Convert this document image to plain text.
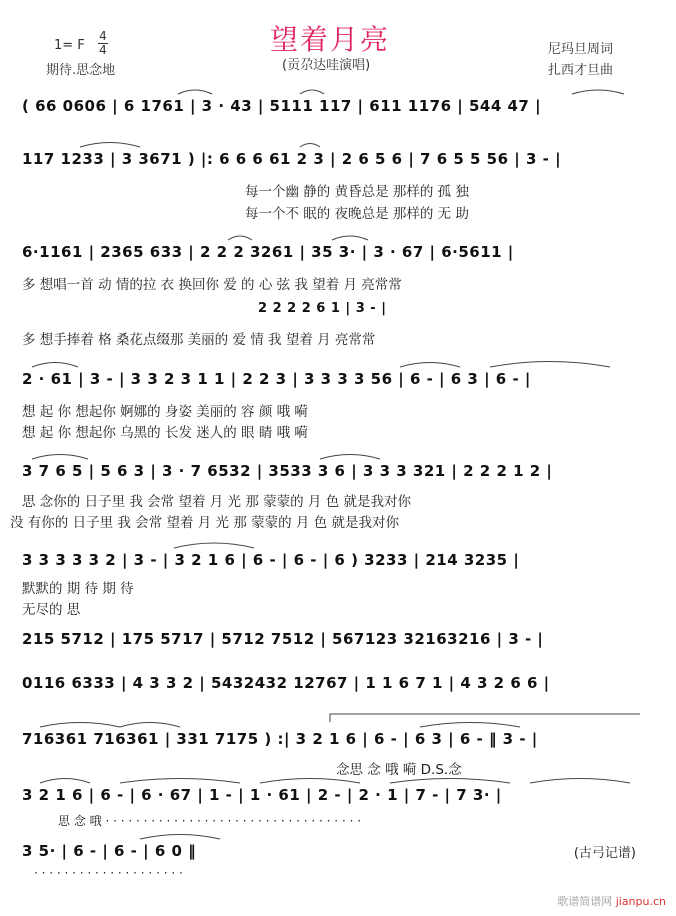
1= F
4
4
期待.思念地
望着月亮
(贡尕达哇演唱)
尼玛旦周词
扎西才旦曲
( 66 0606 | 6 1761 | 3 · 43 | 5111 117 | 611 1176 | 544 47 |
117 1233 | 3 3671 ) |: 6 6 6 61 2 3 | 2 6 5 6 | 7 6 5 5 56 | 3 - |
每一个幽 静的 黄昏总是 那样的 孤 独
每一个不 眠的 夜晚总是 那样的 无 助
6·1161 | 2365 633 | 2 2 2 3261 | 35 3· | 3 · 67 | 6·5611 |
多 想唱一首 动 情的拉 衣 换回你 爱 的 心 弦 我 望着 月 亮常常
2 2 2 2 6 1 | 3 - |
多 想手捧着 格 桑花点缀那 美丽的 爱 情 我 望着 月 亮常常
2 · 61 | 3 - | 3 3 2 3 1 1 | 2 2 3 | 3 3 3 3 56 | 6 - | 6 3 | 6 - |
想 起 你 想起你 婀娜的 身姿 美丽的 容 颜 哦 嗬
想 起 你 想起你 乌黑的 长发 迷人的 眼 睛 哦 嗬
3 7 6 5 | 5 6 3 | 3 · 7 6532 | 3533 3 6 | 3 3 3 321 | 2 2 2 1 2 |
思 念你的 日子里 我 会常 望着 月 光 那 蒙蒙的 月 色 就是我对你
没 有你的 日子里 我 会常 望着 月 光 那 蒙蒙的 月 色 就是我对你
3 3 3 3 3 2 | 3 - | 3 2 1 6 | 6 - | 6 - | 6 ) 3233 | 214 3235 |
默默的 期 待 期 待
无尽的 思
215 5712 | 175 5717 | 5712 7512 | 567123 32163216 | 3 - |
0116 6333 | 4 3 3 2 | 5432432 12767 | 1 1 6 7 1 | 4 3 2 6 6 |
716361 716361 | 331 7175 ) :| 3 2 1 6 | 6 - | 6 3 | 6 - ‖ 3 - |
念思 念 哦 嗬 D.S.念
3 2 1 6 | 6 - | 6 · 67 | 1 - | 1 · 61 | 2 - | 2 · 1 | 7 - | 7 3· |
思 念 哦 · · · · · · · · · · · · · · · · · · · · · · · · · · · · · · · · · ·
3 5· | 6 - | 6 - | 6 0 ‖
· · · · · · · · · · · · · · · · · · · ·
(古弓记谱)
歌谱简谱网 jianpu.cn
